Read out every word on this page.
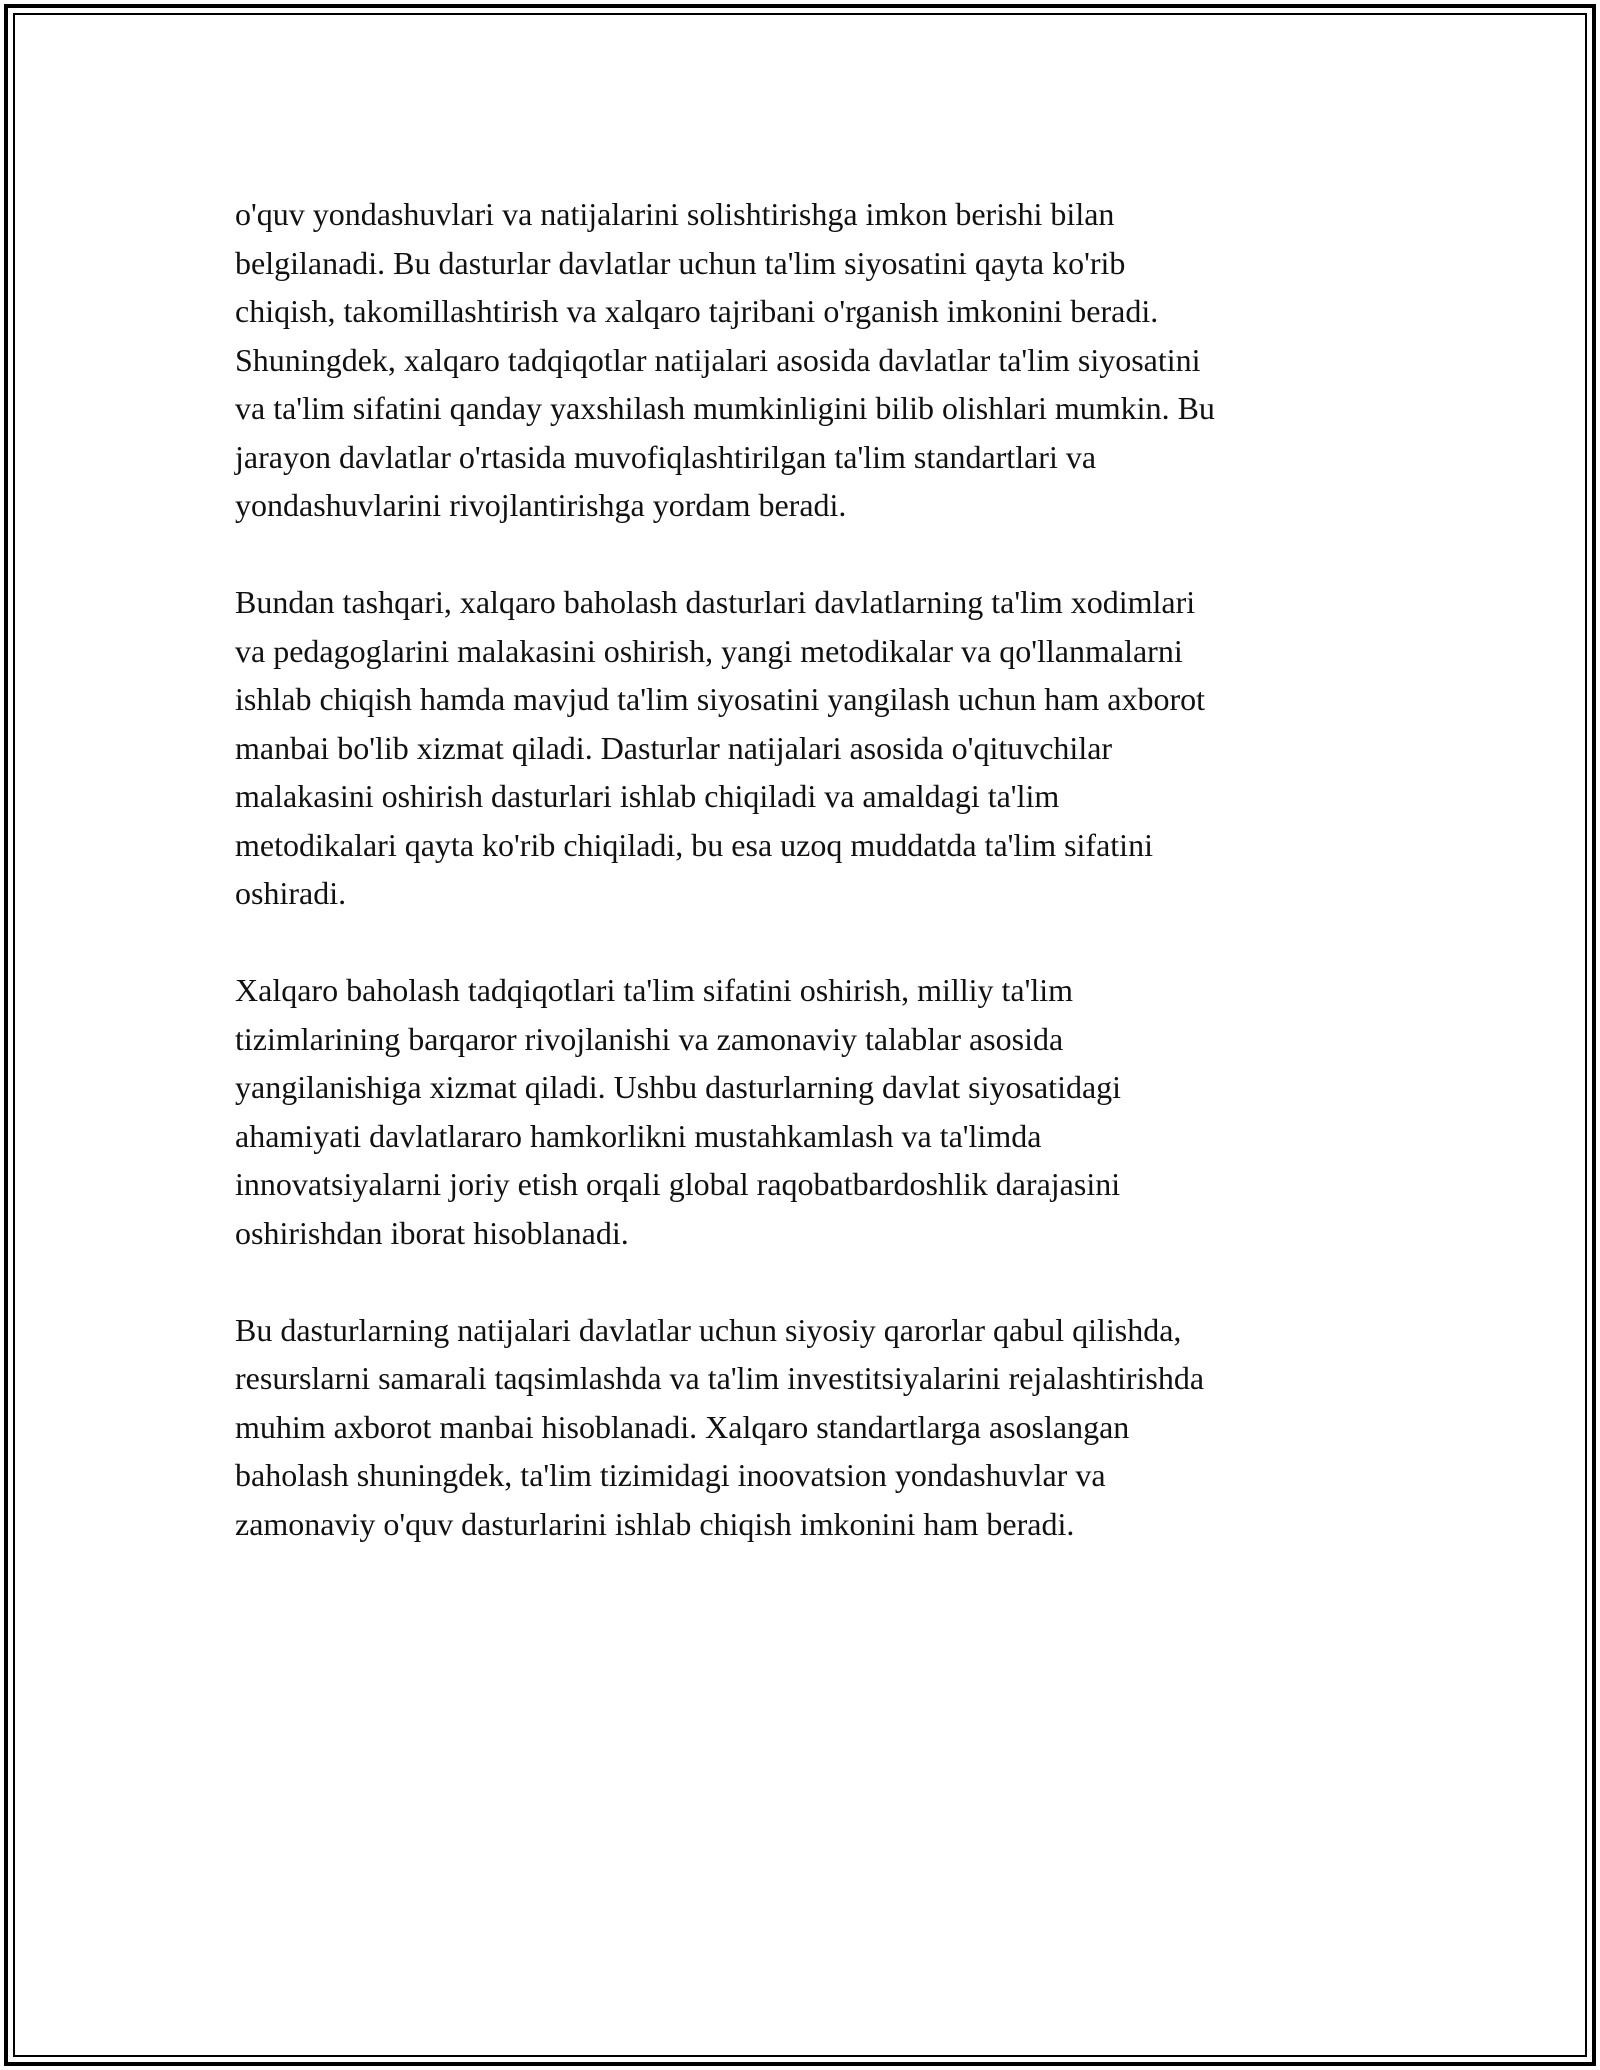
o'quv yondashuvlari va natijalarini solishtirishga imkon berishi bilan
belgilanadi. Bu dasturlar davlatlar uchun ta'lim siyosatini qayta ko'rib
chiqish, takomillashtirish va xalqaro tajribani o'rganish imkonini beradi.
Shuningdek, xalqaro tadqiqotlar natijalari asosida davlatlar ta'lim siyosatini
va ta'lim sifatini qanday yaxshilash mumkinligini bilib olishlari mumkin. Bu
jarayon davlatlar o'rtasida muvofiqlashtirilgan ta'lim standartlari va
yondashuvlarini rivojlantirishga yordam beradi.

Bundan tashqari, xalqaro baholash dasturlari davlatlarning ta'lim xodimlari
va pedagoglarini malakasini oshirish, yangi metodikalar va qo'llanmalarni
ishlab chiqish hamda mavjud ta'lim siyosatini yangilash uchun ham axborot
manbai bo'lib xizmat qiladi. Dasturlar natijalari asosida o'qituvchilar
malakasini oshirish dasturlari ishlab chiqiladi va amaldagi ta'lim
metodikalari qayta ko'rib chiqiladi, bu esa uzoq muddatda ta'lim sifatini
oshiradi.

Xalqaro baholash tadqiqotlari ta'lim sifatini oshirish, milliy ta'lim
tizimlarining barqaror rivojlanishi va zamonaviy talablar asosida
yangilanishiga xizmat qiladi. Ushbu dasturlarning davlat siyosatidagi
ahamiyati davlatlararo hamkorlikni mustahkamlash va ta'limda
innovatsiyalarni joriy etish orqali global raqobatbardoshlik darajasini
oshirishdan iborat hisoblanadi.

Bu dasturlarning natijalari davlatlar uchun siyosiy qarorlar qabul qilishda,
resurslarni samarali taqsimlashda va ta'lim investitsiyalarini rejalashtirishda
muhim axborot manbai hisoblanadi. Xalqaro standartlarga asoslangan
baholash shuningdek, ta'lim tizimidagi inoovatsion yondashuvlar va
zamonaviy o'quv dasturlarini ishlab chiqish imkonini ham beradi.
